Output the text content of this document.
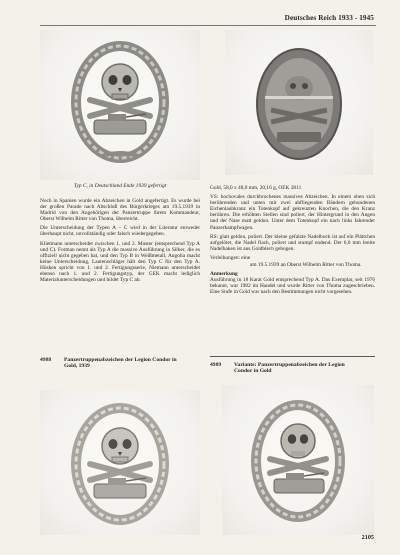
Deutsches Reich 1933 - 1945
Typ C, in Deutschland Ende 1939 gefertigt

Noch in Spanien wurde ein Abzeichen in Gold angefertigt. Es wurde bei der großen Parade nach Abschluß des Bürgerkrieges am 19.5.1939 in Madrid von den Angehörigen der Panzertruppe ihrem Kommandeur, Oberst Wilhelm Ritter von Thoma, überreicht.

Die Unterscheidung der Typen A – C wird in der Literatur entweder überhaupt nicht, unvollständig oder falsch wiedergegeben.

Klietmann unterscheidet zwischen 1. und 2. Muster (entsprechend Typ A und C). Forman nennt als Typ A die massive Ausführung in Silber, die es offiziell nicht gegeben hat, und den Typ B in Weißmetall, Angolia macht keine Unterscheidung, Lautenschläger hält den Typ C für den Typ A. Hüsken spricht von 1. und 2. Fertigungsserie, Niemann unterscheidet ebenso nach 1. und 2. Fertigungstyp, der GEK macht lediglich Materialunterscheidungen und bildet Typ C ab.

4988 Panzertruppenabzeichen der Legion Condor in
Gold, 1939

Gold, 58,0 x 48,0 mm, 20,16 g, OEK 3811

VS: hochovales durchbrochenes massives Abzeichen. In einem oben sich berührenden und unten mit zwei abfliegenden Bändern gebundenen Eichenlaubkranz ein Totenkopf auf gekreuzten Knochen, die den Kranz berühren. Die erhöhten Stellen sind poliert, der Hintergrund in den Augen und der Nase matt geldon. Unter dem Totenkopf ein nach links fahrender Panzerkampfwagen.

RS: glatt geldon, poliert. Der kleine gefalzte Nadelbock ist auf ein Plättchen aufgelötet, die Nadel flach, poliert und stumpf endend. Der 6,0 mm breite Nadelhaken ist aus Goldblech gebogen.

Verleihungen: eine

am 19.5.1939 an Oberst Wilhelm Ritter von Thoma.

Anmerkung

Ausführung in 18 Karat Gold entsprechend Typ A. Das Exemplar, seit 1976 bekannt, war 1982 im Handel und wurde Ritter von Thoma zugeschrieben. Eine Stufe in Gold war nach den Bestimmungen nicht vorgesehen.

4989 Variante: Panzertruppenabzeichen der Legion
Condor in Gold
2105
